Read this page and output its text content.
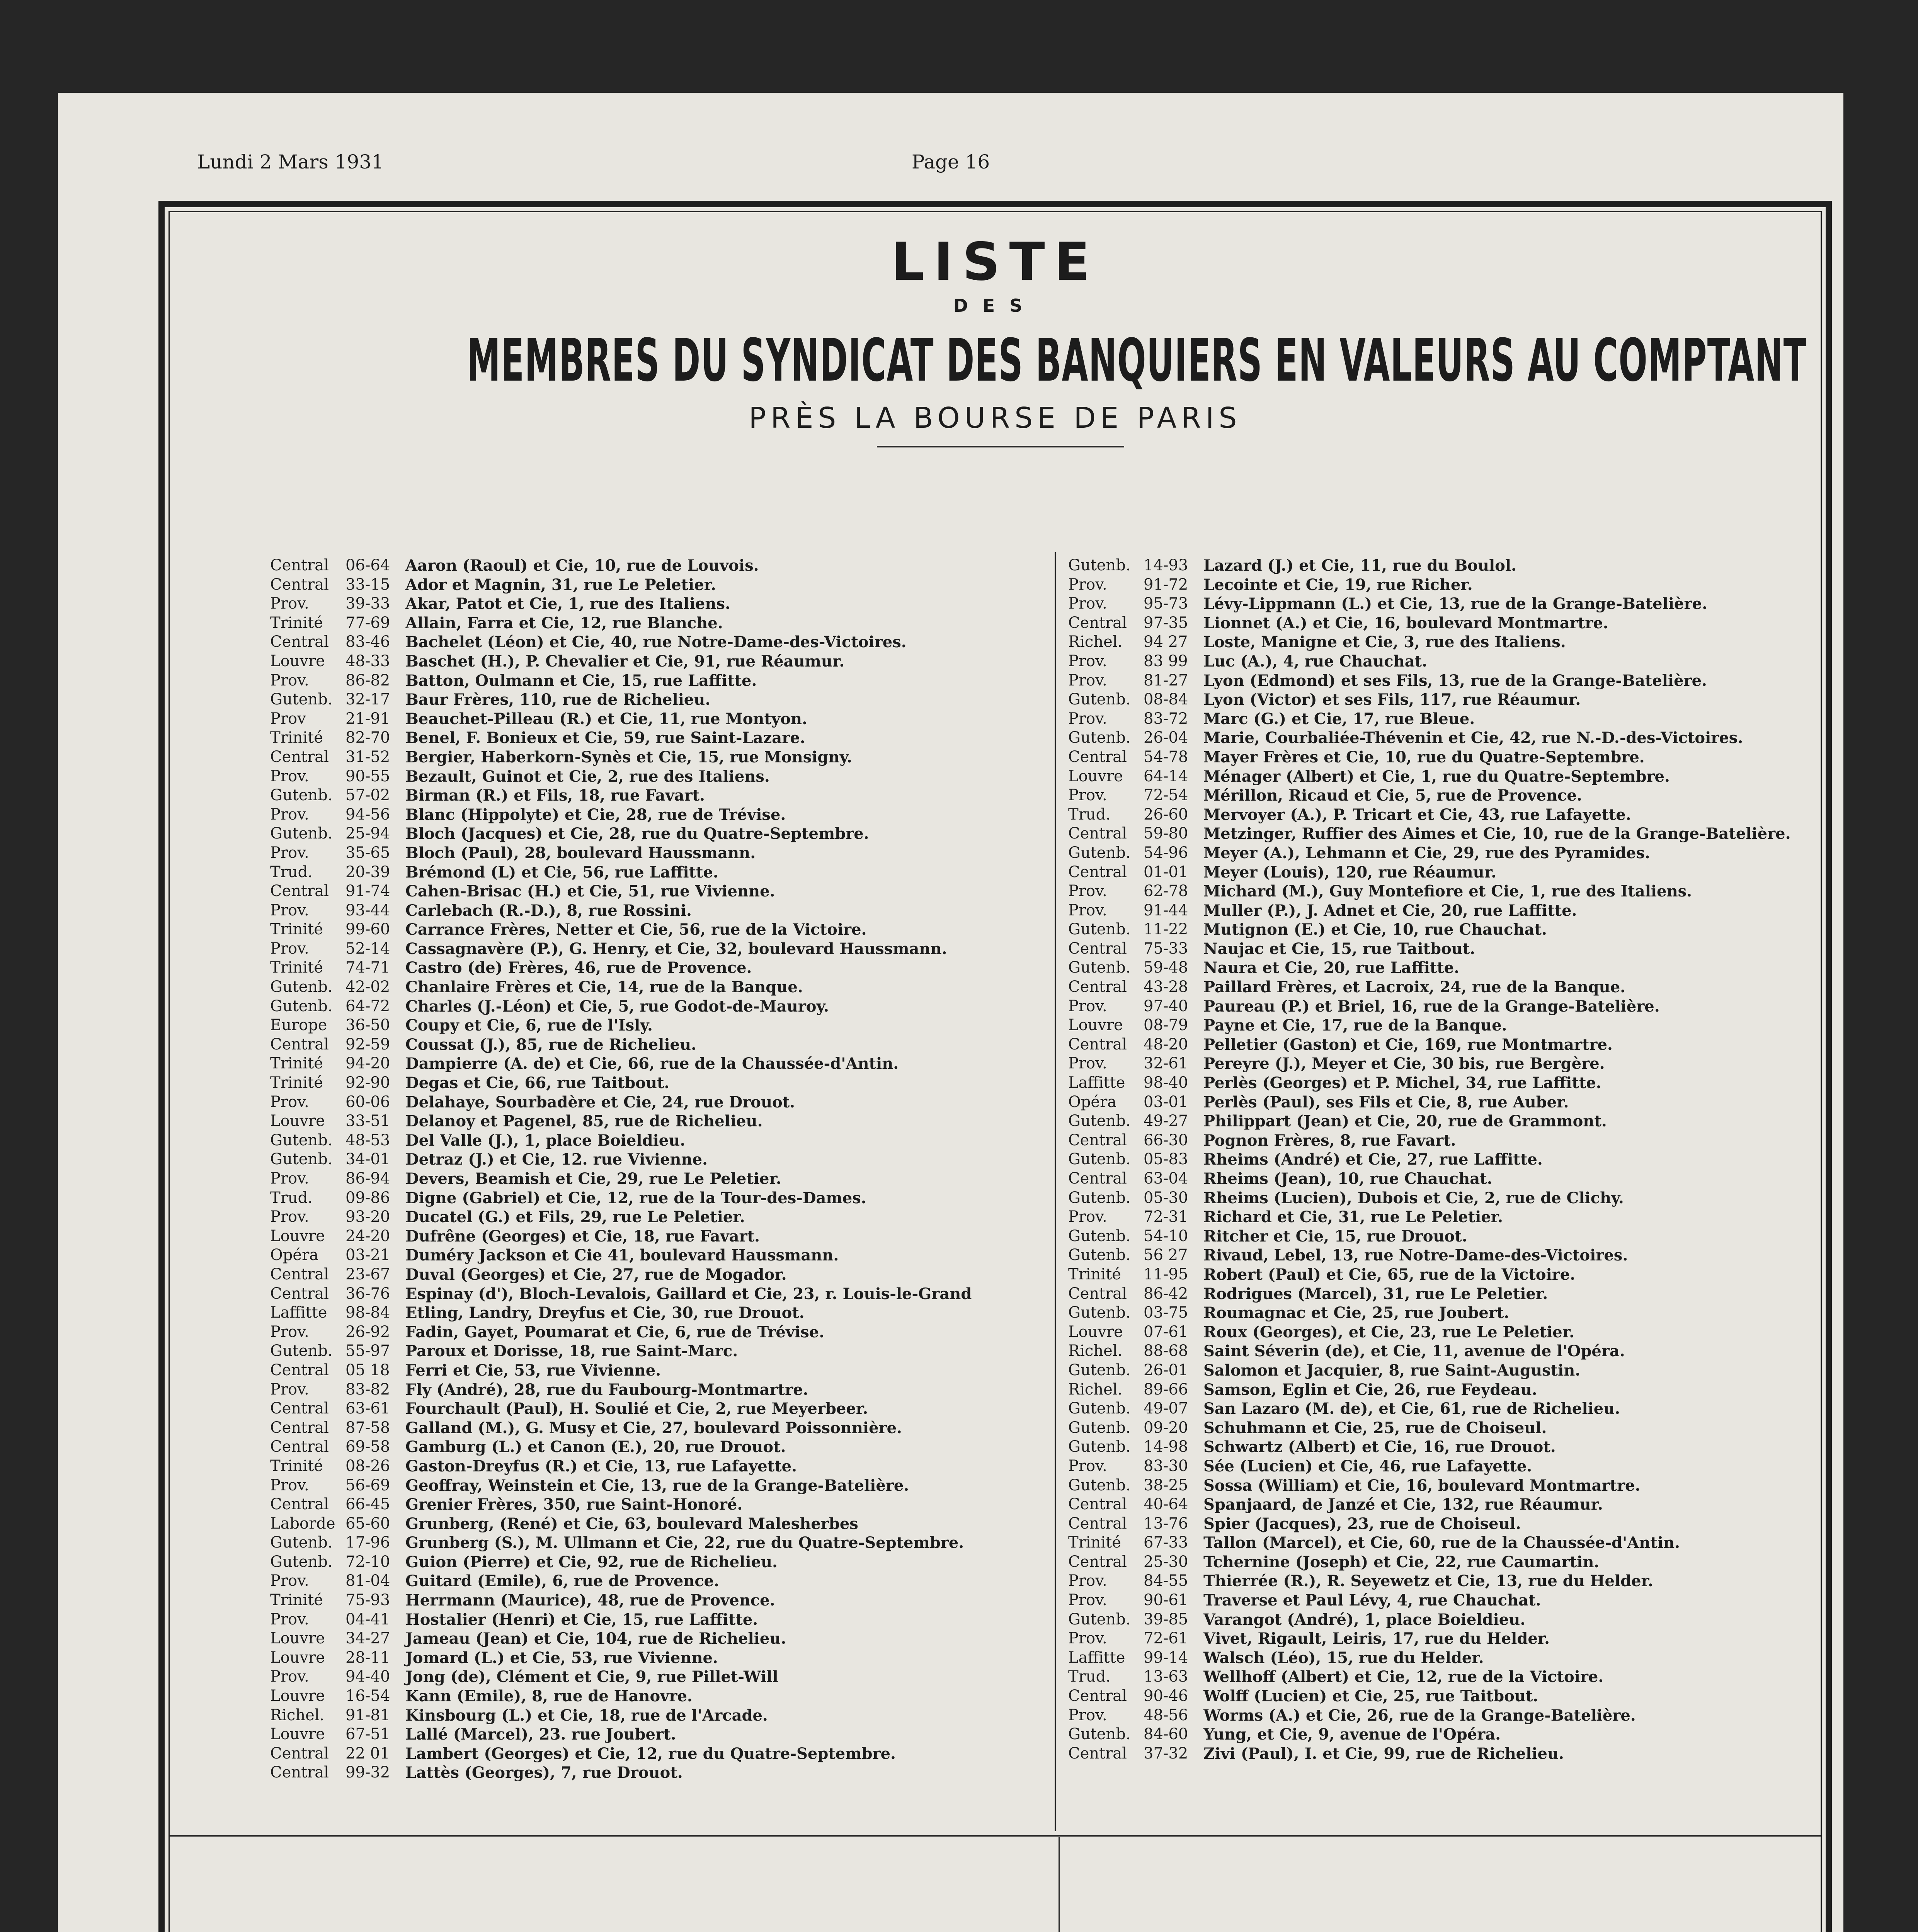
Lundi 2 Mars 1931	Page 16
LISTE
DES
MEMBRES DU SYNDICAT DES BANQUIERS EN VALEURS AU COMPTANT
PRÈS LA BOURSE DE PARIS
Central	06-64 Aaron (Raoul) et Cie, 10, rue de Louvois.
Central	33-15 Ador et Magnin, 31, rue Le Peletier.
Prov.	39-33 Akar, Patot et Cie, 1, rue des Italiens.
Trinité	77-69 Allain, Farra et Cie, 12, rue Blanche.
Central	83-46 Bachelet (Léon) et Cie, 40, rue Notre-Dame-des-Victoires.
Louvre	48-33 Baschet (H.), P. Chevalier et Cie, 91, rue Réaumur.
Prov.	86-82 Batton, Oulmann et Cie, 15, rue Laffitte.
Gutenb. 32-17 Baur Frères, 110, rue de Richelieu.
Prov	21-91 Beauchet-Pilleau (R.) et Cie, 11, rue Montyon.
Trinité	82-70 Benel, F. Bonieux et Cie, 59, rue Saint-Lazare.
Central	31-52 Bergier, Haberkorn-Synès et Cie, 15, rue Monsigny.
Prov.	90-55 Bezault, Guinot et Cie, 2, rue des Italiens.
Gutenb. 57-02 Birman (R.) et Fils, 18, rue Favart.
Prov.	94-56 Blanc (Hippolyte) et Cie, 28, rue de Trévise.
Gutenb. 25-94 Bloch (Jacques) et Cie, 28, rue du Quatre-Septembre.
Prov.	35-65 Bloch (Paul), 28, boulevard Haussmann.
Trud.	20-39 Brémond (L) et Cie, 56, rue Laffitte.
Central	91-74 Cahen-Brisac (H.) et Cie, 51, rue Vivienne.
Prov.	93-44 Carlebach (R.-D.), 8, rue Rossini.
Trinité	99-60 Carrance Frères, Netter et Cie, 56, rue de la Victoire.
Prov.	52-14 Cassagnavère (P.), G. Henry, et Cie, 32, boulevard Haussmann.
Trinité	74-71 Castro (de) Frères, 46, rue de Provence.
Gutenb. 42-02 Chanlaire Frères et Cie, 14, rue de la Banque.
Gutenb. 64-72 Charles (J.-Léon) et Cie, 5, rue Godot-de-Mauroy.
Europe	36-50 Coupy et Cie, 6, rue de l'Isly.
Central	92-59 Coussat (J.), 85, rue de Richelieu.
Trinité	94-20 Dampierre (A. de) et Cie, 66, rue de la Chaussée-d'Antin.
Trinité	92-90 Degas et Cie, 66, rue Taitbout.
Prov.	60-06 Delahaye, Sourbadère et Cie, 24, rue Drouot.
Louvre	33-51 Delanoy et Pagenel, 85, rue de Richelieu.
Gutenb. 48-53 Del Valle (J.), 1, place Boieldieu.
Gutenb. 34-01 Detraz (J.) et Cie, 12. rue Vivienne.
Prov.	86-94 Devers, Beamish et Cie, 29, rue Le Peletier.
Trud.	09-86 Digne (Gabriel) et Cie, 12, rue de la Tour-des-Dames.
Prov.	93-20 Ducatel (G.) et Fils, 29, rue Le Peletier.
Louvre	24-20 Dufrêne (Georges) et Cie, 18, rue Favart.
Opéra	03-21 Duméry Jackson et Cie 41, boulevard Haussmann.
Central	23-67 Duval (Georges) et Cie, 27, rue de Mogador.
Central	36-76 Espinay (d'), Bloch-Levalois, Gaillard et Cie, 23, r. Louis-le-Grand
Laffitte	98-84 Etling, Landry, Dreyfus et Cie, 30, rue Drouot.
Prov.	26-92 Fadin, Gayet, Poumarat et Cie, 6, rue de Trévise.
Gutenb. 55-97 Paroux et Dorisse, 18, rue Saint-Marc.
Central	05 18	Ferri et Cie, 53, rue Vivienne.
Prov.	83-82 Fly (André), 28, rue du Faubourg-Montmartre.
Central	63-61 Fourchault (Paul), H. Soulié et Cie, 2, rue Meyerbeer.
Central	87-58 Galland (M.), G. Musy et Cie, 27, boulevard Poissonnière.
Central	69-58 Gamburg (L.) et Canon (E.), 20, rue Drouot.
Trinité	08-26 Gaston-Dreyfus (R.) et Cie, 13, rue Lafayette.
Prov.	56-69 Geoffray, Weinstein et Cie, 13, rue de la Grange-Batelière.
Central	66-45 Grenier Frères, 350, rue Saint-Honoré.
Laborde 65-60 Grunberg, (René) et Cie, 63, boulevard Malesherbes
Gutenb. 17-96 Grunberg (S.), M. Ullmann et Cie, 22, rue du Quatre-Septembre.
Gutenb. 72-10 Guion (Pierre) et Cie, 92, rue de Richelieu.
Prov.	81-04 Guitard (Emile), 6, rue de Provence.
Trinité	75-93 Herrmann (Maurice), 48, rue de Provence.
Prov.	04-41 Hostalier (Henri) et Cie, 15, rue Laffitte.
Louvre	34-27 Jameau (Jean) et Cie, 104, rue de Richelieu.
Louvre	28-11 Jomard (L.) et Cie, 53, rue Vivienne.
Prov.	94-40 Jong (de), Clément et Cie, 9, rue Pillet-Will
Louvre	16-54 Kann (Emile), 8, rue de Hanovre.
Richel.	91-81 Kinsbourg (L.) et Cie, 18, rue de l'Arcade.
Louvre	67-51 Lallé (Marcel), 23. rue Joubert.
Central	22 01	Lambert (Georges) et Cie, 12, rue du Quatre-Septembre.
Central	99-32 Lattès (Georges), 7, rue Drouot.
Gutenb. 14-93 Lazard (J.) et Cie, 11, rue du Boulol.
Prov.	91-72 Lecointe et Cie, 19, rue Richer.
Prov.	95-73 Lévy-Lippmann (L.) et Cie, 13, rue de la Grange-Batelière.
Central	97-35 Lionnet (A.) et Cie, 16, boulevard Montmartre.
Richel.	94 27	Loste, Manigne et Cie, 3, rue des Italiens.
Prov.	83 99	Luc (A.), 4, rue Chauchat.
Prov.	81-27 Lyon (Edmond) et ses Fils, 13, rue de la Grange-Batelière.
Gutenb. 08-84 Lyon (Victor) et ses Fils, 117, rue Réaumur.
Prov.	83-72 Marc (G.) et Cie, 17, rue Bleue.
Gutenb. 26-04 Marie, Courbaliée-Thévenin et Cie, 42, rue N.-D.-des-Victoires.
Central	54-78 Mayer Frères et Cie, 10, rue du Quatre-Septembre.
Louvre	64-14 Ménager (Albert) et Cie, 1, rue du Quatre-Septembre.
Prov.	72-54 Mérillon, Ricaud et Cie, 5, rue de Provence.
Trud.	26-60 Mervoyer (A.), P. Tricart et Cie, 43, rue Lafayette.
Central	59-80 Metzinger, Ruffier des Aimes et Cie, 10, rue de la Grange-Batelière.
Gutenb. 54-96 Meyer (A.), Lehmann et Cie, 29, rue des Pyramides.
Central	01-01 Meyer (Louis), 120, rue Réaumur.
Prov.	62-78 Michard (M.), Guy Montefiore et Cie, 1, rue des Italiens.
Prov.	91-44 Muller (P.), J. Adnet et Cie, 20, rue Laffitte.
Gutenb. 11-22 Mutignon (E.) et Cie, 10, rue Chauchat.
Central	75-33 Naujac et Cie, 15, rue Taitbout.
Gutenb. 59-48 Naura et Cie, 20, rue Laffitte.
Central	43-28 Paillard Frères, et Lacroix, 24, rue de la Banque.
Prov.	97-40 Paureau (P.) et Briel, 16, rue de la Grange-Batelière.
Louvre	08-79 Payne et Cie, 17, rue de la Banque.
Central	48-20 Pelletier (Gaston) et Cie, 169, rue Montmartre.
Prov.	32-61 Pereyre (J.), Meyer et Cie, 30 bis, rue Bergère.
Laffitte	98-40 Perlès (Georges) et P. Michel, 34, rue Laffitte.
Opéra	03-01 Perlès (Paul), ses Fils et Cie, 8, rue Auber.
Gutenb. 49-27 Philippart (Jean) et Cie, 20, rue de Grammont.
Central	66-30 Pognon Frères, 8, rue Favart.
Gutenb. 05-83 Rheims (André) et Cie, 27, rue Laffitte.
Central	63-04 Rheims (Jean), 10, rue Chauchat.
Gutenb. 05-30 Rheims (Lucien), Dubois et Cie, 2, rue de Clichy.
Prov.	72-31 Richard et Cie, 31, rue Le Peletier.
Gutenb. 54-10 Ritcher et Cie, 15, rue Drouot.
Gutenb. 56 27	Rivaud, Lebel, 13, rue Notre-Dame-des-Victoires.
Trinité	11-95 Robert (Paul) et Cie, 65, rue de la Victoire.
Central	86-42 Rodrigues (Marcel), 31, rue Le Peletier.
Gutenb. 03-75 Roumagnac et Cie, 25, rue Joubert.
Louvre	07-61 Roux (Georges), et Cie, 23, rue Le Peletier.
Richel.	88-68 Saint Séverin (de), et Cie, 11, avenue de l'Opéra.
Gutenb. 26-01 Salomon et Jacquier, 8, rue Saint-Augustin.
Richel.	89-66 Samson, Eglin et Cie, 26, rue Feydeau.
Gutenb. 49-07 San Lazaro (M. de), et Cie, 61, rue de Richelieu.
Gutenb. 09-20 Schuhmann et Cie, 25, rue de Choiseul.
Gutenb. 14-98 Schwartz (Albert) et Cie, 16, rue Drouot.
Prov.	83-30 Sée (Lucien) et Cie, 46, rue Lafayette.
Gutenb. 38-25 Sossa (William) et Cie, 16, boulevard Montmartre.
Central	40-64 Spanjaard, de Janzé et Cie, 132, rue Réaumur.
Central	13-76 Spier (Jacques), 23, rue de Choiseul.
Trinité	67-33 Tallon (Marcel), et Cie, 60, rue de la Chaussée-d'Antin.
Central	25-30 Tchernine (Joseph) et Cie, 22, rue Caumartin.
Prov.	84-55 Thierrée (R.), R. Seyewetz et Cie, 13, rue du Helder.
Prov.	90-61 Traverse et Paul Lévy, 4, rue Chauchat.
Gutenb. 39-85 Varangot (André), 1, place Boieldieu.
Prov.	72-61 Vivet, Rigault, Leiris, 17, rue du Helder.
Laffitte	99-14 Walsch (Léo), 15, rue du Helder.
Trud.	13-63 Wellhoff (Albert) et Cie, 12, rue de la Victoire.
Central	90-46 Wolff (Lucien) et Cie, 25, rue Taitbout.
Prov.	48-56 Worms (A.) et Cie, 26, rue de la Grange-Batelière.
Gutenb. 84-60 Yung, et Cie, 9, avenue de l'Opéra.
Central	37-32 Zivi (Paul), I. et Cie, 99, rue de Richelieu.
